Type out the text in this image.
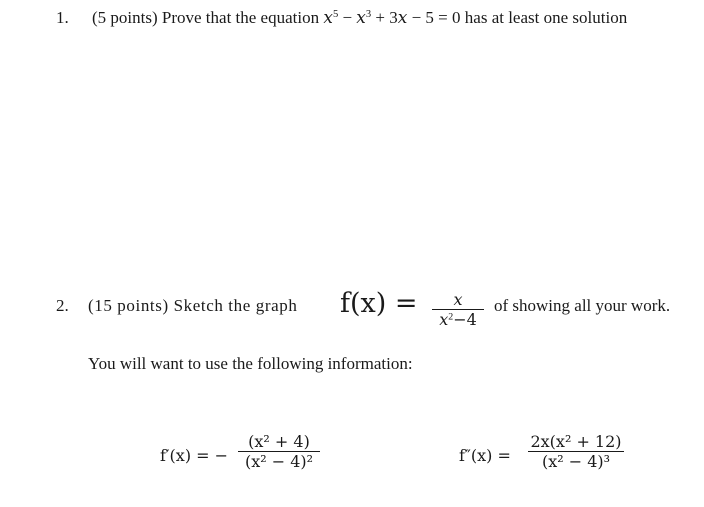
1. (5 points) Prove that the equation $x^5 - x^3 + 3x - 5 = 0$ has at least one solution
2. (15 points) Sketch the graph f(x) =	x
$x^2-4$
of showing all your work.
You will want to use the following information:
f′(x) = −
(x² + 4)
(x² − 4)²	f″(x) =
2x(x² + 12)
(x² − 4)³
